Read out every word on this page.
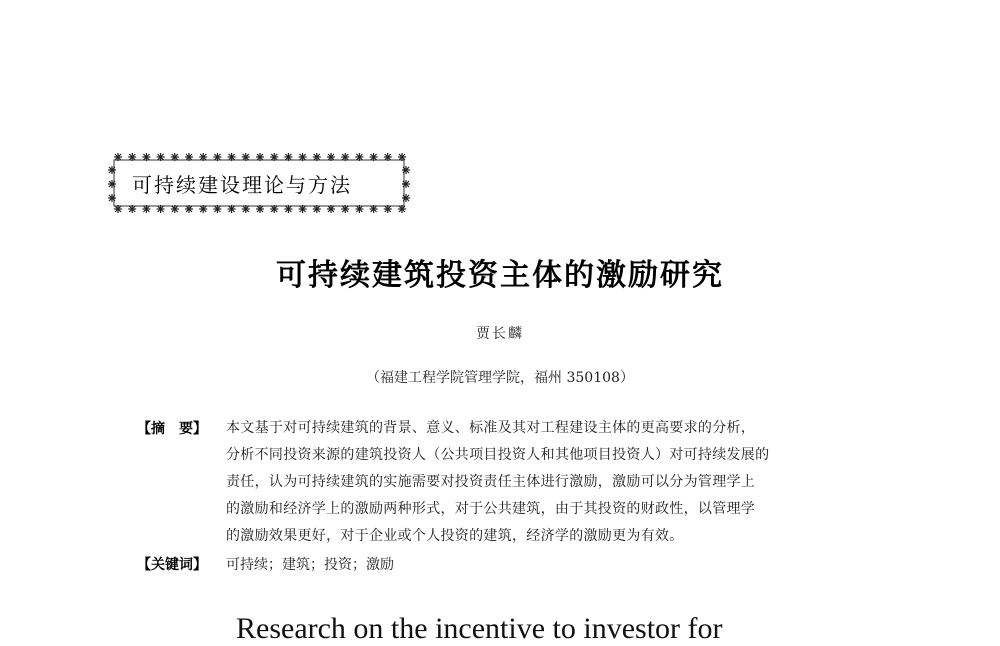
可持续建设理论与方法
可持续建筑投资主体的激励研究
贾长麟
（福建工程学院管理学院，福州 350108）
【摘　要】 本文基于对可持续建筑的背景、意义、标准及其对工程建设主体的更高要求的分析，
分析不同投资来源的建筑投资人（公共项目投资人和其他项目投资人）对可持续发展的
责任，认为可持续建筑的实施需要对投资责任主体进行激励，激励可以分为管理学上
的激励和经济学上的激励两种形式，对于公共建筑，由于其投资的财政性，以管理学
的激励效果更好，对于企业或个人投资的建筑，经济学的激励更为有效。
【关键词】 可持续；建筑；投资；激励
Research on the incentive to investor for
